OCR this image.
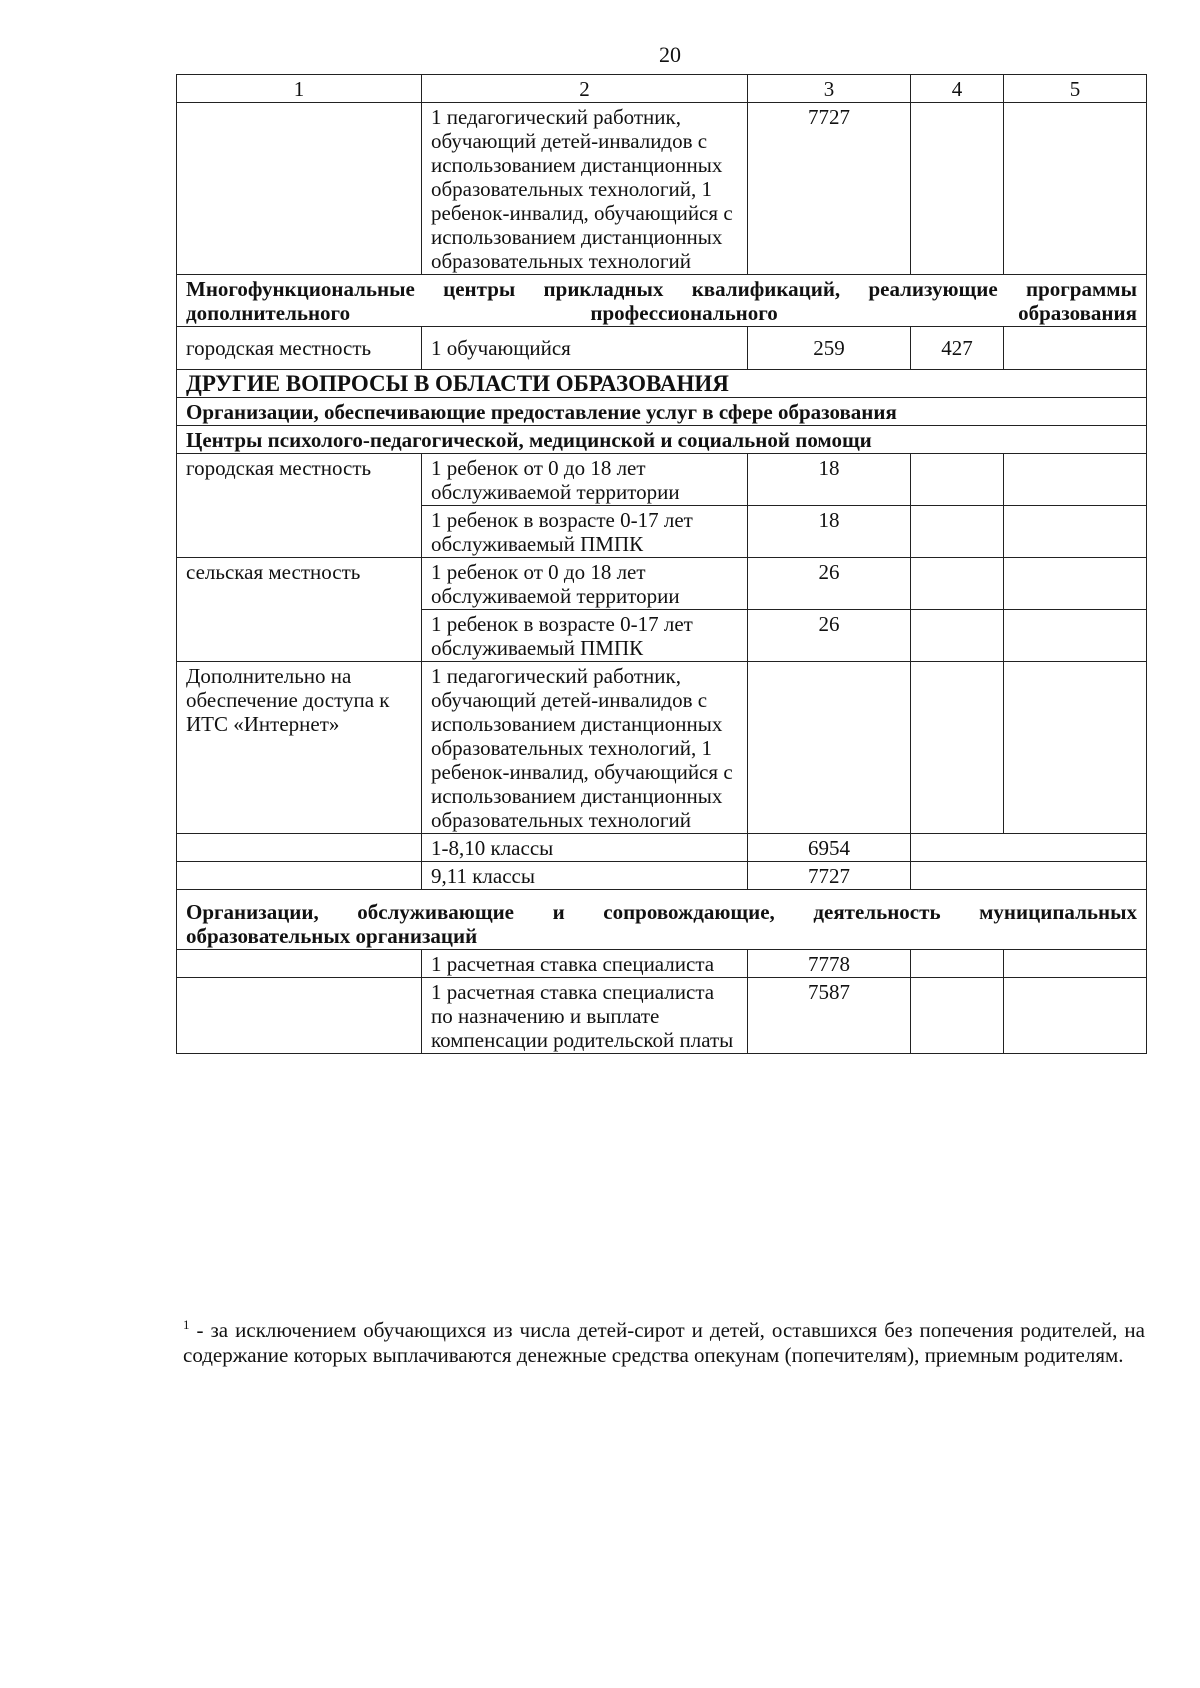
20
1	2	3	4	5
	1 педагогический работник, обучающий детей-инвалидов с использованием дистанционных образовательных технологий, 1 ребенок-инвалид, обучающийся с использованием дистанционных образовательных технологий	7727		
Многофункциональные центры прикладных квалификаций, реализующие программы дополнительного профессионального образования				
городская местность	1 обучающийся	259	427	
ДРУГИЕ ВОПРОСЫ В ОБЛАСТИ ОБРАЗОВАНИЯ				
Организации, обеспечивающие предоставление услуг в сфере образования				
Центры психолого-педагогической, медицинской и социальной помощи				
городская местность	1 ребенок от 0 до 18 лет обслуживаемой территории	18		
	1 ребенок в возрасте 0-17 лет обслуживаемый ПМПК	18		
сельская местность	1 ребенок от 0 до 18 лет обслуживаемой территории	26		
	1 ребенок в возрасте 0-17 лет обслуживаемый ПМПК	26		
Дополнительно на обеспечение доступа к ИТС «Интернет»	1 педагогический работник, обучающий детей-инвалидов с использованием дистанционных образовательных технологий, 1 ребенок-инвалид, обучающийся с использованием дистанционных образовательных технологий			
	1-8,10 классы	6954		
	9,11 классы	7727		
Организации, обслуживающие и сопровождающие, деятельность муниципальных образовательных организаций				
	1 расчетная ставка специалиста	7778		
	1 расчетная ставка специалиста по назначению и выплате компенсации родительской платы	7587		
$^1$ - за исключением обучающихся из числа детей-сирот и детей, оставшихся без попечения родителей, на содержание которых выплачиваются денежные средства опекунам (попечителям), приемным родителям.
